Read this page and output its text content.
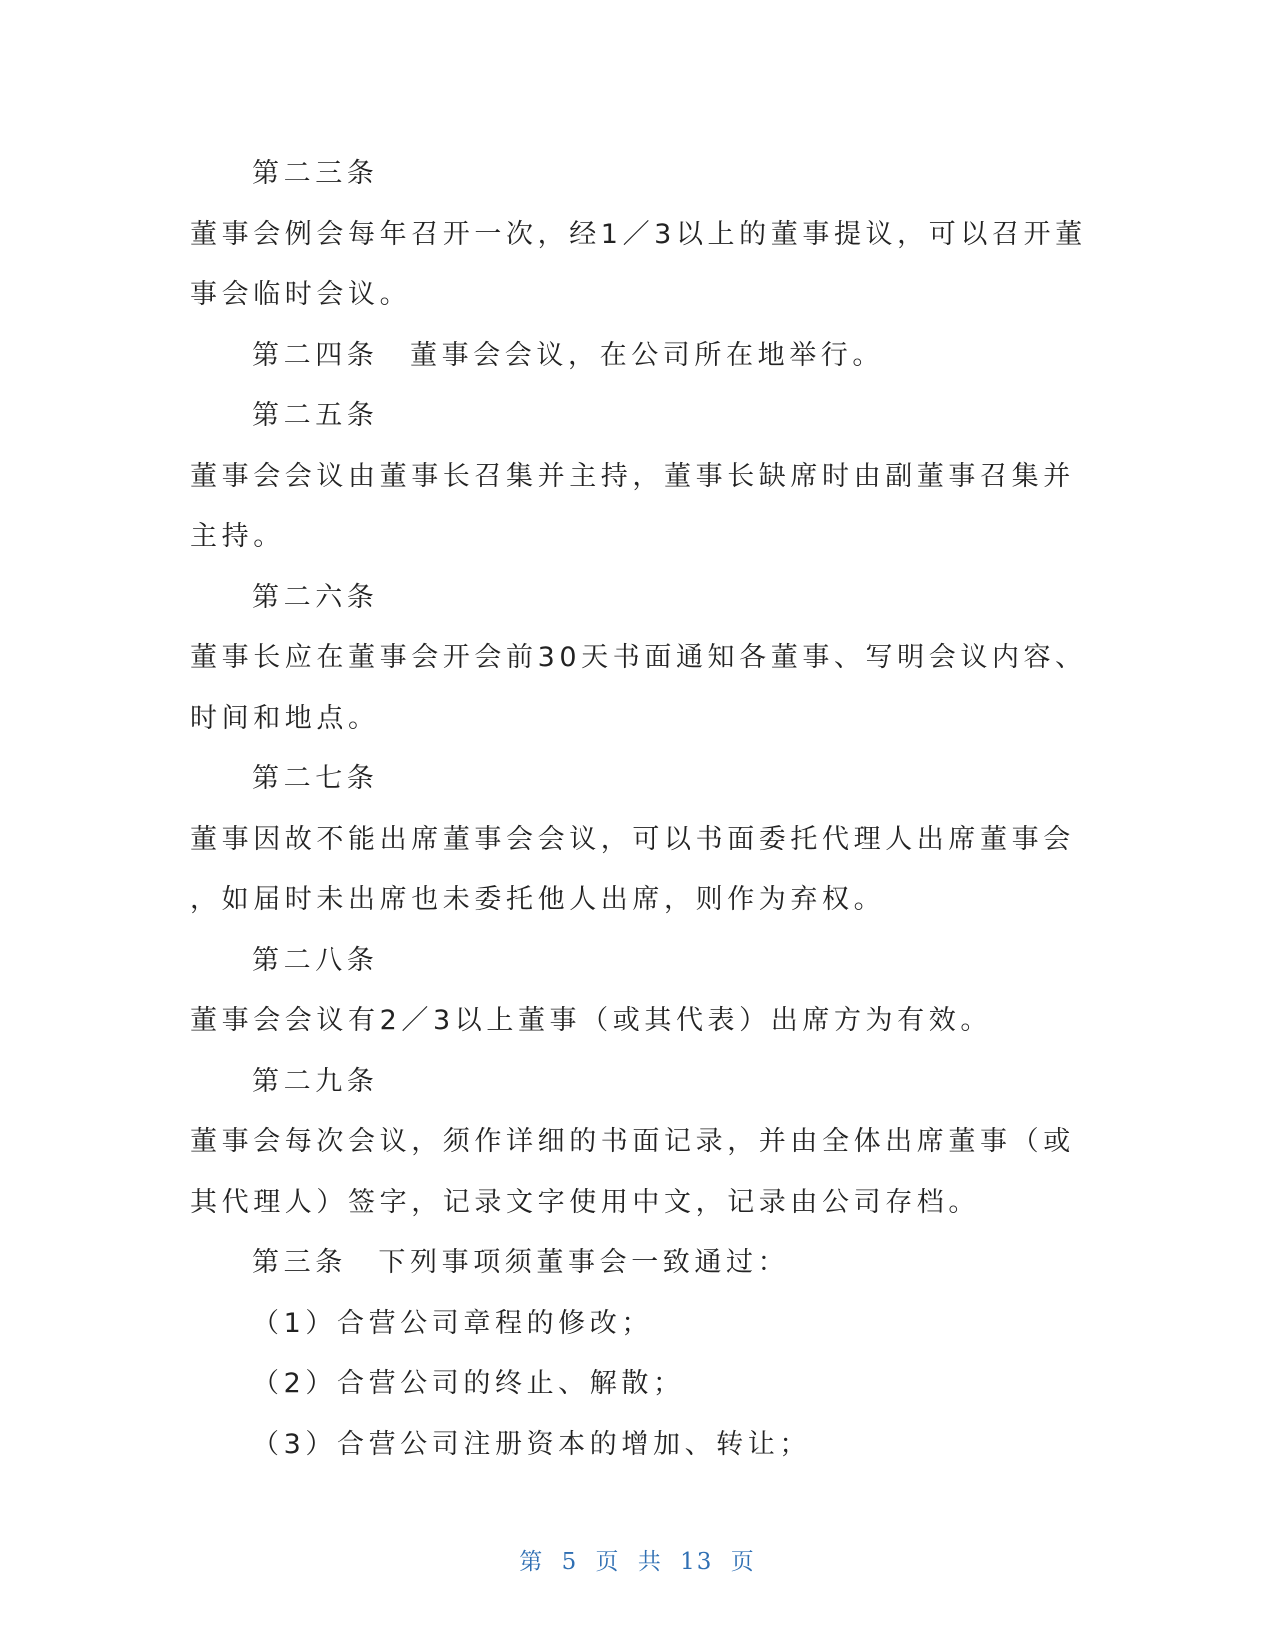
第二三条
董事会例会每年召开一次，经1／3以上的董事提议，可以召开董
事会临时会议。
第二四条　董事会会议，在公司所在地举行。
第二五条
董事会会议由董事长召集并主持，董事长缺席时由副董事召集并
主持。
第二六条
董事长应在董事会开会前30天书面通知各董事、写明会议内容、
时间和地点。
第二七条
董事因故不能出席董事会会议，可以书面委托代理人出席董事会
，如届时未出席也未委托他人出席，则作为弃权。
第二八条
董事会会议有2／3以上董事（或其代表）出席方为有效。
第二九条
董事会每次会议，须作详细的书面记录，并由全体出席董事（或
其代理人）签字，记录文字使用中文，记录由公司存档。
第三条　下列事项须董事会一致通过：
（1）合营公司章程的修改；
（2）合营公司的终止、解散；
（3）合营公司注册资本的增加、转让；
第 5 页 共 13 页
